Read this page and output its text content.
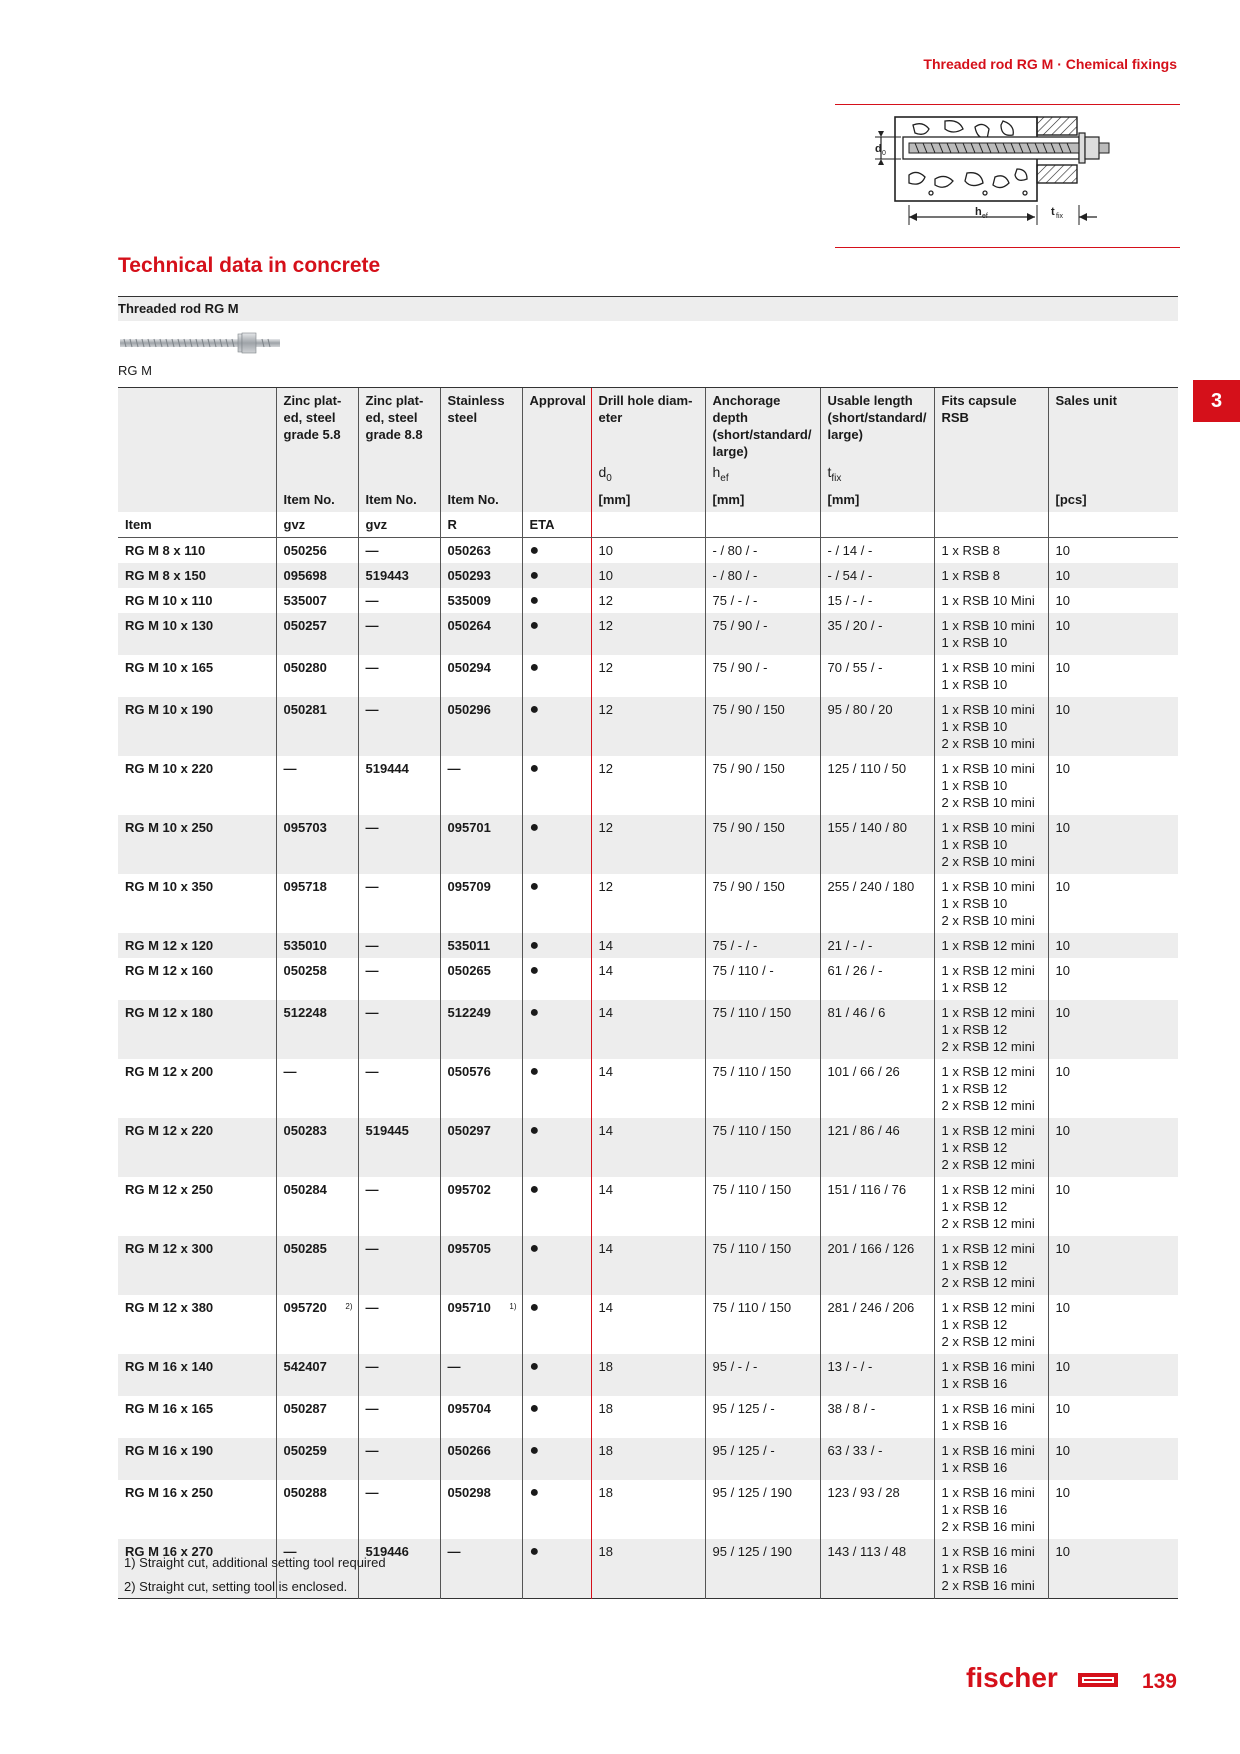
Threaded rod RG M · Chemical fixings
d 0
h ef	t fix
Technical data in concrete
Threaded rod RG M
RG M
3
	Zinc plat-ed, steel grade 5.8	Zinc plat-ed, steel grade 8.8	Stainless steel	Approval	Drill hole diam-eter	Anchorage depth (short/standard/ large)	Usable length (short/standard/ large)	Fits capsule RSB	Sales unit
					$d_0$	$h_{ef}$	$t_{fix}$		
	Item No.	Item No.	Item No.		[mm]	[mm]	[mm]		[pcs]
Item	gvz	gvz	R	ETA					
RG M 8 x 110	050256	—	050263	●	10	- / 80 / -	- / 14 / -	1 x RSB 8	10
RG M 8 x 150	095698	519443	050293	●	10	- / 80 / -	- / 54 / -	1 x RSB 8	10
RG M 10 x 110	535007	—	535009	●	12	75 / - / -	15 / - / -	1 x RSB 10 Mini	10
RG M 10 x 130	050257	—	050264	●	12	75 / 90 / -	35 / 20 / -	1 x RSB 10 mini
1 x RSB 10	10
RG M 10 x 165	050280	—	050294	●	12	75 / 90 / -	70 / 55 / -	1 x RSB 10 mini
1 x RSB 10	10
RG M 10 x 190	050281	—	050296	●	12	75 / 90 / 150	95 / 80 / 20	1 x RSB 10 mini
1 x RSB 10
2 x RSB 10 mini	10
RG M 10 x 220	—	519444	—	●	12	75 / 90 / 150	125 / 110 / 50	1 x RSB 10 mini
1 x RSB 10
2 x RSB 10 mini	10
RG M 10 x 250	095703	—	095701	●	12	75 / 90 / 150	155 / 140 / 80	1 x RSB 10 mini
1 x RSB 10
2 x RSB 10 mini	10
RG M 10 x 350	095718	—	095709	●	12	75 / 90 / 150	255 / 240 / 180	1 x RSB 10 mini
1 x RSB 10
2 x RSB 10 mini	10
RG M 12 x 120	535010	—	535011	●	14	75 / - / -	21 / - / -	1 x RSB 12 mini	10
RG M 12 x 160	050258	—	050265	●	14	75 / 110 / -	61 / 26 / -	1 x RSB 12 mini
1 x RSB 12	10
RG M 12 x 180	512248	—	512249	●	14	75 / 110 / 150	81 / 46 / 6	1 x RSB 12 mini
1 x RSB 12
2 x RSB 12 mini	10
RG M 12 x 200	—	—	050576	●	14	75 / 110 / 150	101 / 66 / 26	1 x RSB 12 mini
1 x RSB 12
2 x RSB 12 mini	10
RG M 12 x 220	050283	519445	050297	●	14	75 / 110 / 150	121 / 86 / 46	1 x RSB 12 mini
1 x RSB 12
2 x RSB 12 mini	10
RG M 12 x 250	050284	—	095702	●	14	75 / 110 / 150	151 / 116 / 76	1 x RSB 12 mini
1 x RSB 12
2 x RSB 12 mini	10
RG M 12 x 300	050285	—	095705	●	14	75 / 110 / 150	201 / 166 / 126	1 x RSB 12 mini
1 x RSB 12
2 x RSB 12 mini	10
RG M 12 x 380	095720 2)	—	095710 1)	●	14	75 / 110 / 150	281 / 246 / 206	1 x RSB 12 mini
1 x RSB 12
2 x RSB 12 mini	10
RG M 16 x 140	542407	—	—	●	18	95 / - / -	13 / - / -	1 x RSB 16 mini
1 x RSB 16	10
RG M 16 x 165	050287	—	095704	●	18	95 / 125 / -	38 / 8 / -	1 x RSB 16 mini
1 x RSB 16	10
RG M 16 x 190	050259	—	050266	●	18	95 / 125 / -	63 / 33 / -	1 x RSB 16 mini
1 x RSB 16	10
RG M 16 x 250	050288	—	050298	●	18	95 / 125 / 190	123 / 93 / 28	1 x RSB 16 mini
1 x RSB 16
2 x RSB 16 mini	10
RG M 16 x 270	—	519446	—	●	18	95 / 125 / 190	143 / 113 / 48	1 x RSB 16 mini
1 x RSB 16
2 x RSB 16 mini	10
1) Straight cut, additional setting tool required
2) Straight cut, setting tool is enclosed.
fischer	139
